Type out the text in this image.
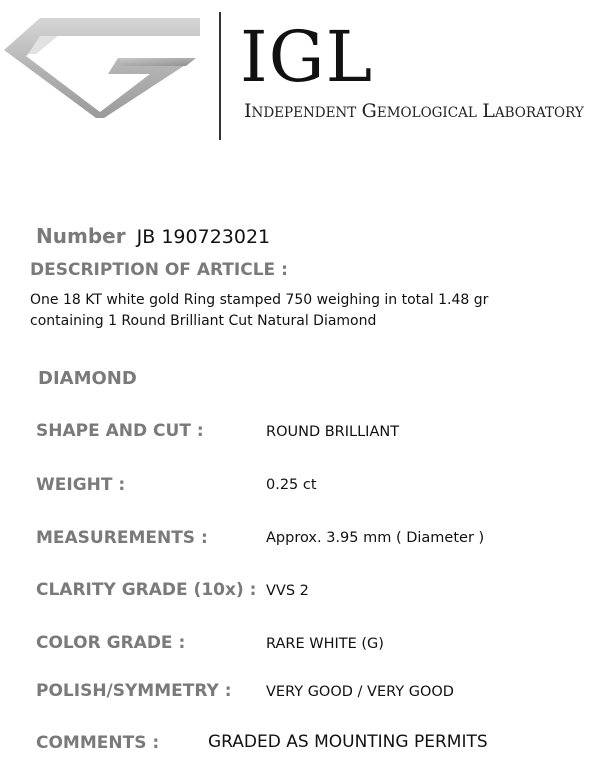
IGL
INDEPENDENT GEMOLOGICAL LABORATORY
Number JB 190723021
DESCRIPTION OF ARTICLE :
One 18 KT white gold Ring stamped 750 weighing in total 1.48 gr
containing 1 Round Brilliant Cut Natural Diamond
DIAMOND
SHAPE AND CUT :	ROUND BRILLIANT
WEIGHT :	0.25 ct
MEASUREMENTS :	Approx. 3.95 mm ( Diameter )
CLARITY GRADE (10x) : VVS 2
COLOR GRADE :	RARE WHITE (G)
POLISH/SYMMETRY : VERY GOOD / VERY GOOD
COMMENTS :	GRADED AS MOUNTING PERMITS
